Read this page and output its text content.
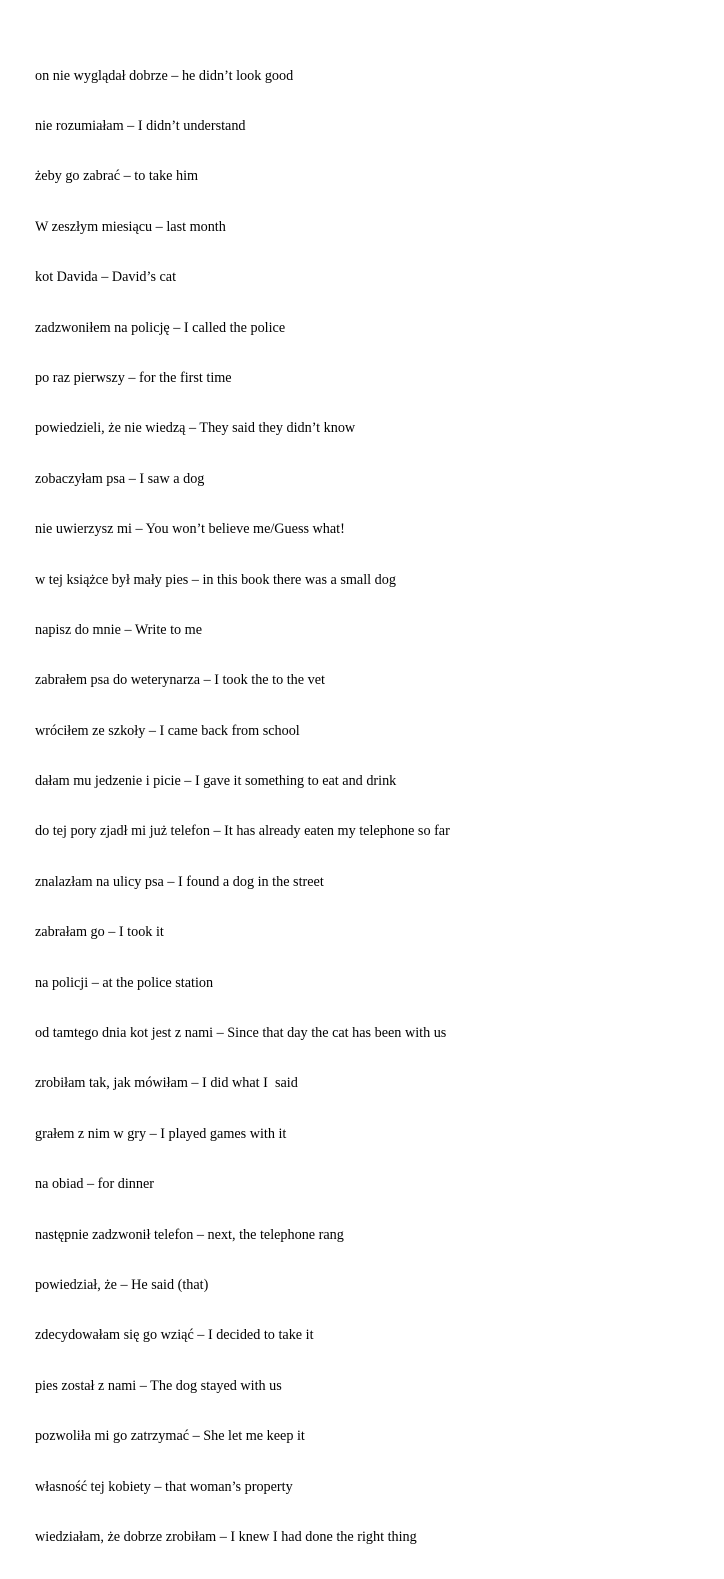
on nie wyglądał dobrze – he didn’t look good

nie rozumiałam – I didn’t understand

żeby go zabrać – to take him

W zeszłym miesiącu – last month

kot Davida – David’s cat

zadzwoniłem na policję – I called the police

po raz pierwszy – for the first time

powiedzieli, że nie wiedzą – They said they didn’t know

zobaczyłam psa – I saw a dog

nie uwierzysz mi – You won’t believe me/Guess what!

w tej książce był mały pies – in this book there was a small dog

napisz do mnie – Write to me

zabrałem psa do weterynarza – I took the to the vet

wróciłem ze szkoły – I came back from school

dałam mu jedzenie i picie – I gave it something to eat and drink

do tej pory zjadł mi już telefon – It has already eaten my telephone so far

znalazłam na ulicy psa – I found a dog in the street

zabrałam go – I took it

na policji – at the police station

od tamtego dnia kot jest z nami – Since that day the cat has been with us

zrobiłam tak, jak mówiłam – I did what I  said

grałem z nim w gry – I played games with it

na obiad – for dinner

następnie zadzwonił telefon – next, the telephone rang

powiedział, że – He said (that)

zdecydowałam się go wziąć – I decided to take it

pies został z nami – The dog stayed with us

pozwoliła mi go zatrzymać – She let me keep it

własność tej kobiety – that woman’s property

wiedziałam, że dobrze zrobiłam – I knew I had done the right thing
